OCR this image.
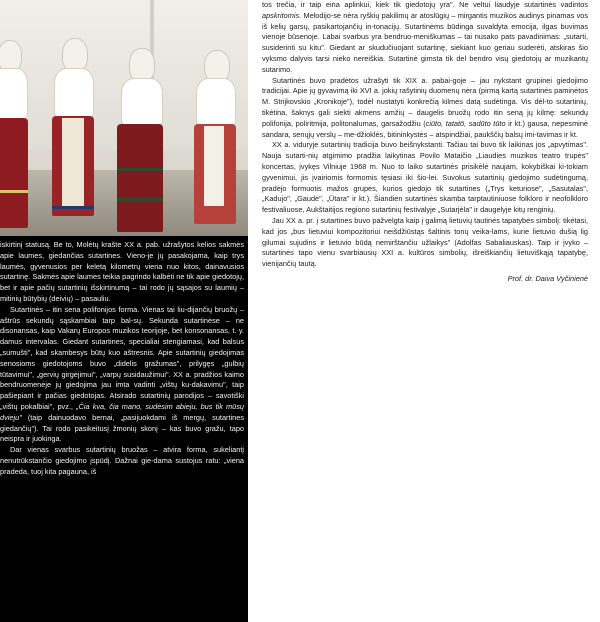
iskirtinį statusą. Be to, Molėtų krašte XX a. pab. užrašytos kelios sakmės apie laumes, giedančias sutartines. Vieno-je jų pasakojama, kaip trys laumės, gyvenusios per keletą kilometrų viena nuo kitos, dainavusios sutartinę. Sakmės apie laumes teikia pagrindo kalbėti ne tik apie giedotojų, bet ir apie pačių sutartinių išskirtinumą – tai rodo jų sąsajos su laumių – mitinių būtybių (deivių) – pasauliu.

Sutartinės – itin sena polifonijos forma. Vienas tai liu-dijančių bruožų – aštrūs sekundų sąskambiai tarp bal-sų. Sekunda sutartinėse – ne disonansas, kaip Vakarų Europos muzikos teorijoje, bet konsonansas, t. y. damus intervalas. Giedant sutartines, specialiai stengiamasi, kad balsus „sumušti", kad skambesys būtų kuo aštresnis. Apie sutartinių giedojimas senosioms giedotojoms buvo „didelis gražumas", prilygęs „gulbių tūtavimui", „gervių girgėjimui", „varpų susidaužimui". XX a. pradžios kaimo bendruomenėje jų giedojima jau imta vadinti „vištų ku-dakavimu", taip pašiepiant ir pačias giedotojas. Atsirado sutartinių parodijos – savotiški „vištų pokalbiai", pvz., „Čia kva, čia mano, sudėsim abieju, bus tik mūsų dvieju" (taip dainuodavo bernai, „pasijuokdami iš mergų, sutartines giedančių"). Tai rodo pasikeitusį žmonių skonį – kas buvo gražu, tapo neispra ir juokinga.

Dar vienas svarbus sutartinių bruožas – atvira forma, sukeliantį nenutrūkstančio giedojimo įspūdį. Dažnai gie-dama sustojus ratu: „viena pradeda, tuoj kita pagauna, iš

tos trečia, ir taip eina aplinkui, kiek tik giedotojų yra". Ne veltui liaudyje sutartinės vadintos apskritomis. Melodijo-se nėra ryškių pakilimų ar atoslūgių – mirgantis muzikos audinys pinamas vos iš kelių garsų, pasikartojančių in-tonacijų. Sutartinėms būdinga suvaldyta emocija, ilgas buvimas vienoje būsenoje. Labai svarbus yra bendruo-meniškumas – tai nusako pats pavadinimas: „sutarti, susiderinti su kitu". Giedant ar skudučiuojant sutartinę, siekiant kuo geriau suderėti, atskiras šio vyksmo dalyvis tarsi nieko nereiškia. Sutartinė gimsta tik del bendro visų giedotojų ar muzikantų sutarimo.

Sutartinės buvo pradėtos užrašyti tik XIX a. pabai-goje – jau nykstant grupinei giedojimo tradicijai. Apie jų gyvavimą iki XVI a. jokių rašytinių duomenų nėra (pirmą kartą sutartinės paminėtos M. Strijkovskio „Kronikoje"), todėl nustatyti konkrečią kilmės datą sudėtinga. Vis dėl-to sutartinių, tikėtina, šaknys gali siekti akmens amžių – daugelis bruožų rodo itin seną jų kilmę: sekundų polifonija, poliritmija, politonalumas, garsažodžiu (ciūto, tatatō, sadūto tūto ir kt.) gausa, nepesminė sandara, senųjų verslų – me-džioklės, bitininkystės – atspindžiai, paukščių balsų imi-tavimas ir kt.

XX a. viduryje sutartinių tradicija buvo beišnykstanti. Tačiau tai buvo tik laikinas jos „apvytimas". Nauja sutarti-nių atgimimo pradžia laikytinas Povilo Mataičio „Liaudies muzikos teatro trupės" koncertas, įvykęs Vilniuje 1968 m. Nuo to laiko sutartinės prisikėlė naujam, kokybiškai ki-tokiam gyvenimui, jis įvairiomis formomis tęsiasi iki šio-lei. Suvokus sutartinių giedojimo sudėtingumą, pradėjo formuotis mažos grupės, kurios giedojo tik sutartines („Trys keturiose", „Sasutalas", „Kadujo", „Gaudė", „Ūtara" ir kt.). Šiandien sutartinės skamba tarptautiniuose folkloro ir neofolkloro festivaliuose, Aukštaitijos regiono sutartinių festivalyje „Sutarjėla" ir daugelyje kitų renginių.

Jau XX a. pr. į sutartines buvo pažvelgta kaip į galimą lietuvių tautinės tapatybės simbolį: tikėtasi, kad jos „bus lietuviui kompozitoriui neišdžiūstąs šaltinis tonų veika-lams, kurie lietuvio dušią lig gilumai sujudins ir lietuvio būdą nemirštančiu užlaikys" (Adolfas Sabaliauskas). Taip ir įvyko – sutartinės tapo vienu svarbiausių XXI a. kultūros simbolių, išreiškiančių lietuviškąją tapatybę, vienijančių tautą.

Prof. dr. Daiva Vyčinienė
